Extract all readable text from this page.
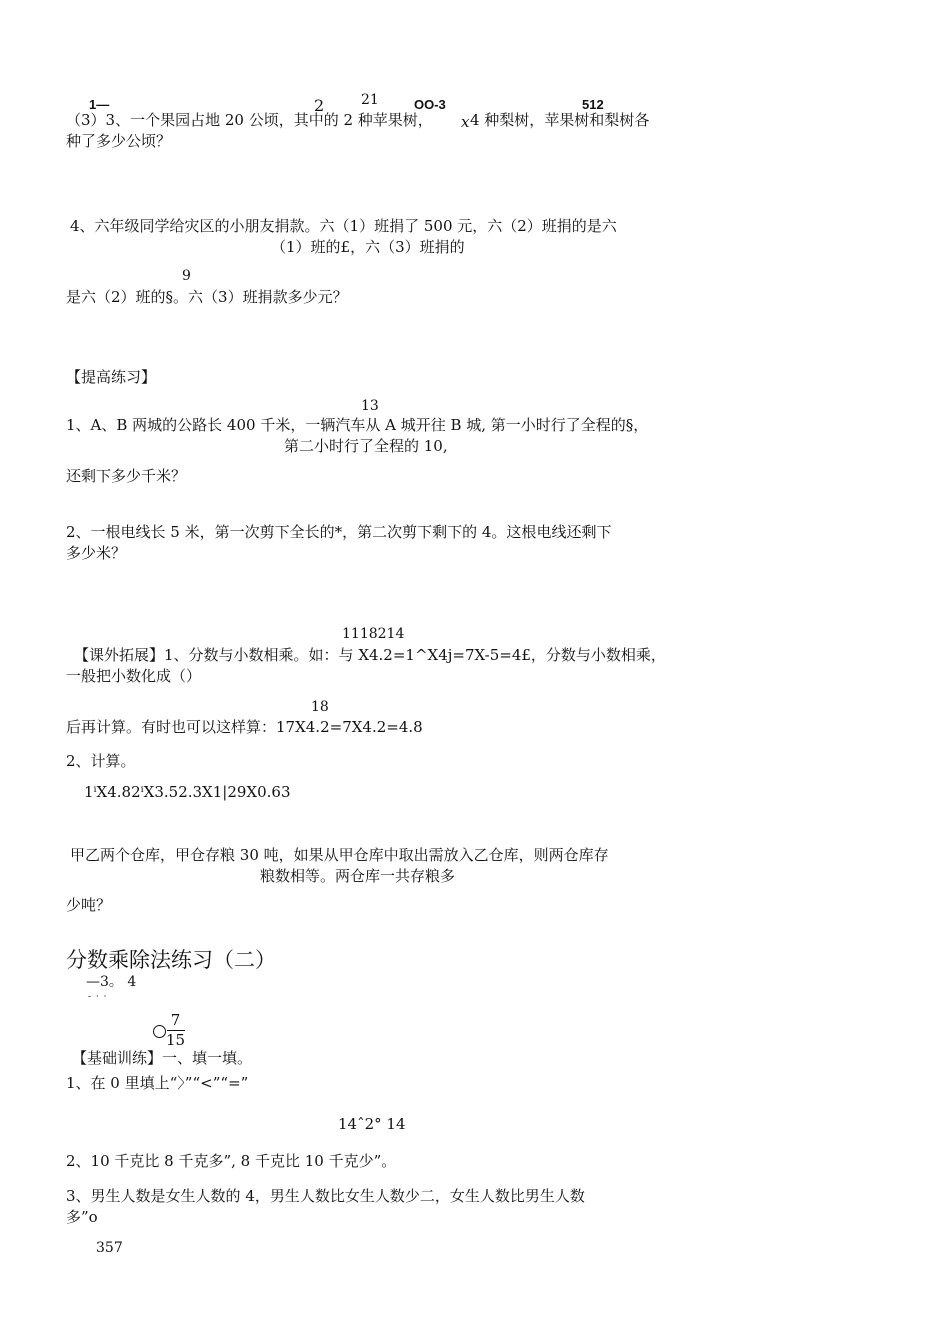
1—	2	21	OO-3	512
（3）3、一个果园占地 20 公顷，其中的 2 种苹果树， x 4 种梨树，苹果树和梨树各
种了多少公顷？
4、六年级同学给灾区的小朋友捐款。六（1）班捐了 500 元，六（2）班捐的是六
（1）班的£，六（3）班捐的
9
是六（2）班的§。六（3）班捐款多少元？
【提高练习】
13
1、A、B 两城的公路长 400 千米，一辆汽车从 A 城开往 B 城, 第一小时行了全程的§，
第二小时行了全程的 10,
还剩下多少千米？
2、一根电线长 5 米，第一次剪下全长的*，第二次剪下剩下的 4。这根电线还剩下
多少米？
1118214
【课外拓展】1、分数与小数相乘。如：与 X4.2=1^X4j=7X-5=4£，分数与小数相乘，
一般把小数化成（）
18
后再计算。有时也可以这样算：17X4.2=7X4.2=4.8
2、计算。
1ⁱX4.82ⁱX3.52.3X1|29X0.63
甲乙两个仓库，甲仓存粮 30 吨，如果从甲仓库中取出需放入乙仓库，则两仓库存
粮数相等。两仓库一共存粮多
少吨？
分数乘除法练习（二）
—3。 4
- · ·
7
15
【基础训练】一、填一填。
1、在 0 里填上“〉”“<”“=”
14ˆ2° 14
2、10 千克比 8 千克多”, 8 千克比 10 千克少”。
3、男生人数是女生人数的 4，男生人数比女生人数少二，女生人数比男生人数
多”o
357
